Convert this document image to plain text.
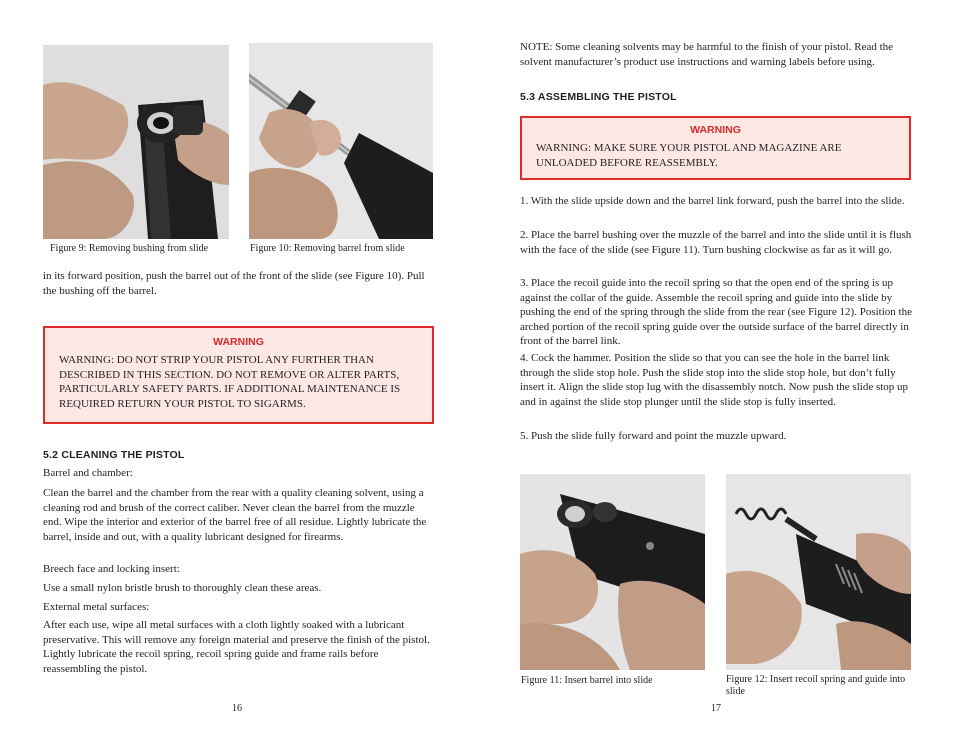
Figure 9: Removing bushing from slide	Figure 10: Removing barrel from slide

in its forward position, push the barrel out of the front of the slide (see Figure 10). Pull the bushing off the barrel.

WARNING
WARNING: DO NOT STRIP YOUR PISTOL ANY FURTHER THAN DESCRIBED IN THIS SECTION. DO NOT REMOVE OR ALTER PARTS, PARTICULARLY SAFETY PARTS. IF ADDITIONAL MAINTENANCE IS REQUIRED RETURN YOUR PISTOL TO SIGARMS.
5.2 CLEANING THE PISTOL

Barrel and chamber:

Clean the barrel and the chamber from the rear with a quality cleaning solvent, using a cleaning rod and brush of the correct caliber. Never clean the barrel from the muzzle end. Wipe the interior and exterior of the barrel free of all residue. Lightly lubricate the barrel, inside and out, with a quality lubricant designed for firearms.

Breech face and locking insert:

Use a small nylon bristle brush to thoroughly clean these areas.

External metal surfaces:

After each use, wipe all metal surfaces with a cloth lightly soaked with a lubricant preservative. This will remove any foreign material and preserve the finish of the pistol. Lightly lubricate the recoil spring, recoil spring guide and frame rails before reassembling the pistol.

16

NOTE: Some cleaning solvents may be harmful to the finish of your pistol. Read the solvent manufacturer’s product use instructions and warning labels before using.

5.3 ASSEMBLING THE PISTOL
WARNING
WARNING: MAKE SURE YOUR PISTOL AND MAGAZINE ARE UNLOADED BEFORE REASSEMBLY.

1. With the slide upside down and the barrel link forward, push the barrel into the slide.

2. Place the barrel bushing over the muzzle of the barrel and into the slide until it is flush with the face of the slide (see Figure 11). Turn bushing clockwise as far as it will go.

3. Place the recoil guide into the recoil spring so that the open end of the spring is up against the collar of the guide. Assemble the recoil spring and guide into the slide by pushing the end of the spring through the slide from the rear (see Figure 12). Position the arched portion of the recoil spring guide over the outside surface of the barrel directly in front of the barrel link.

4. Cock the hammer. Position the slide so that you can see the hole in the barrel link through the slide stop hole. Push the slide stop into the slide stop hole, but don’t fully insert it. Align the slide stop lug with the disassembly notch. Now push the slide stop up and in against the slide stop plunger until the slide stop is fully inserted.

5. Push the slide fully forward and point the muzzle upward.

Figure 11: Insert barrel into slide	Figure 12: Insert recoil spring and guide into slide
17
